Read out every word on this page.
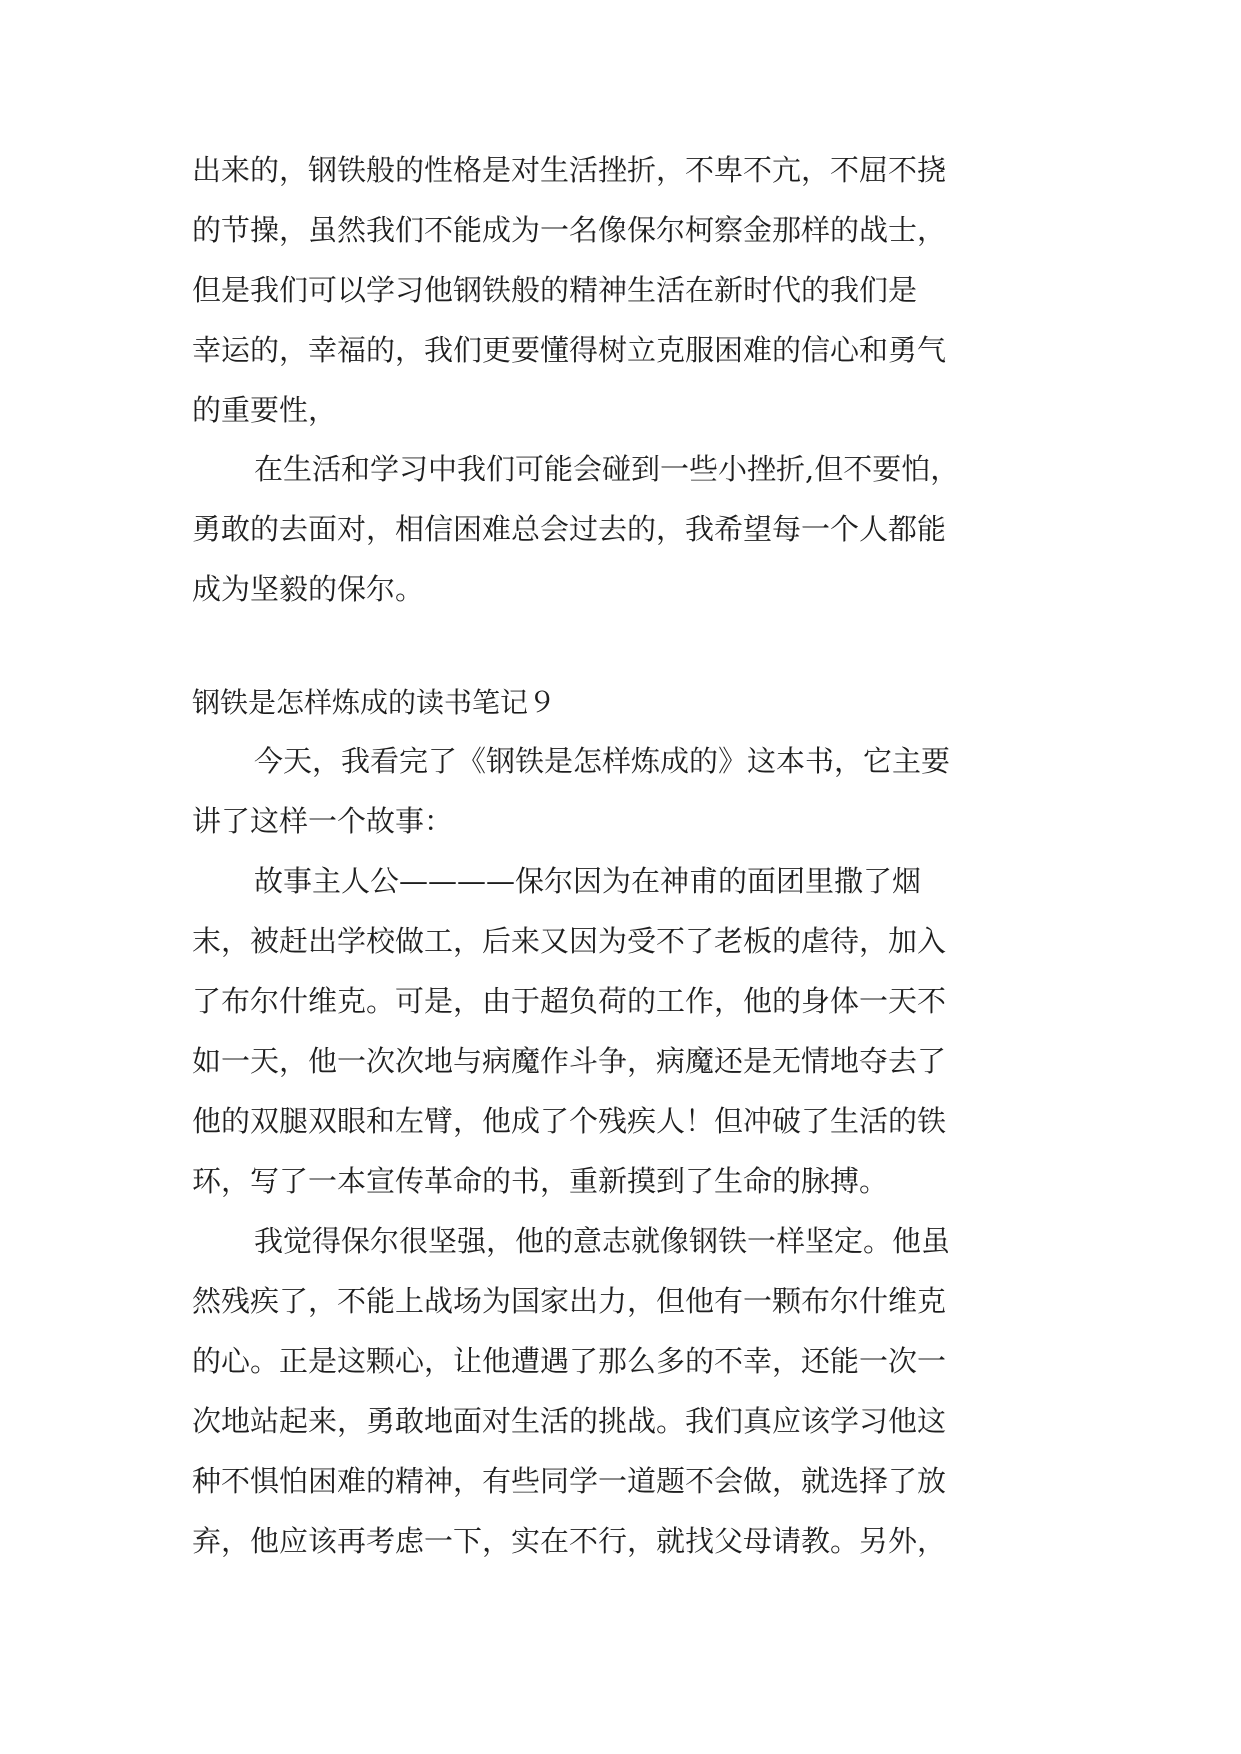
出来的，钢铁般的性格是对生活挫折，不卑不亢，不屈不挠
的节操，虽然我们不能成为一名像保尔柯察金那样的战士，
但是我们可以学习他钢铁般的精神生活在新时代的我们是
幸运的，幸福的，我们更要懂得树立克服困难的信心和勇气
的重要性，
在生活和学习中我们可能会碰到一些小挫折,但不要怕，
勇敢的去面对，相信困难总会过去的，我希望每一个人都能
成为坚毅的保尔。
钢铁是怎样炼成的读书笔记９
今天，我看完了《钢铁是怎样炼成的》这本书，它主要
讲了这样一个故事：
故事主人公————保尔因为在神甫的面团里撒了烟
末，被赶出学校做工，后来又因为受不了老板的虐待，加入
了布尔什维克。可是，由于超负荷的工作，他的身体一天不
如一天，他一次次地与病魔作斗争，病魔还是无情地夺去了
他的双腿双眼和左臂，他成了个残疾人！但冲破了生活的铁
环，写了一本宣传革命的书，重新摸到了生命的脉搏。
我觉得保尔很坚强，他的意志就像钢铁一样坚定。他虽
然残疾了，不能上战场为国家出力，但他有一颗布尔什维克
的心。正是这颗心，让他遭遇了那么多的不幸，还能一次一
次地站起来，勇敢地面对生活的挑战。我们真应该学习他这
种不惧怕困难的精神，有些同学一道题不会做，就选择了放
弃，他应该再考虑一下，实在不行，就找父母请教。另外，
